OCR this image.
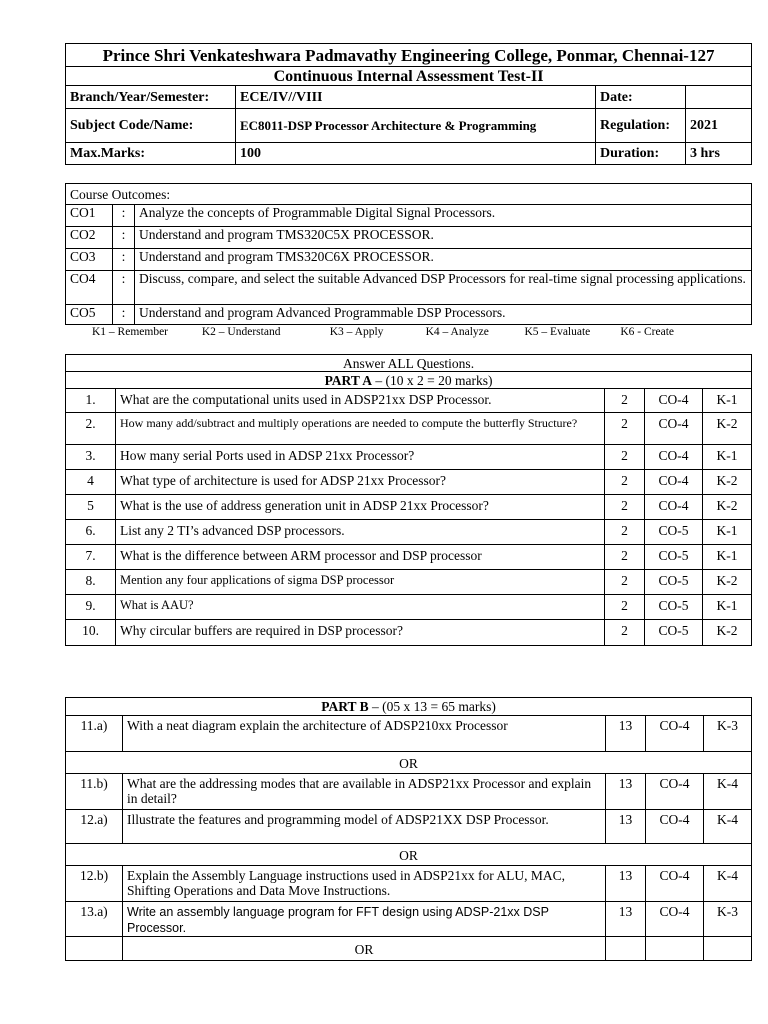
Prince Shri Venkateshwara Padmavathy Engineering College, Ponmar, Chennai-127			
Continuous Internal Assessment Test-II			
Branch/Year/Semester:	ECE/IV//VIII	Date:	
Subject Code/Name:	EC8011-DSP Processor Architecture & Programming	Regulation:	2021
Max.Marks:	100	Duration:	3 hrs
Course Outcomes:		
CO1	:	Analyze the concepts of Programmable Digital Signal Processors.
CO2	:	Understand and program TMS320C5X PROCESSOR.
CO3	:	Understand and program TMS320C6X PROCESSOR.
CO4	:	Discuss, compare, and select the suitable Advanced DSP Processors for real-time signal processing applications.
CO5	:	Understand and program Advanced Programmable DSP Processors.
K1 – Remember	K2 – Understand	K3 – Apply	K4 – Analyze	K5 – Evaluate	K6 - Create
Answer ALL Questions.				
PART A – (10 x 2 = 20 marks)				
1.	What are the computational units used in ADSP21xx DSP Processor.	2	CO-4	K-1
2.	How many add/subtract and multiply operations are needed to compute the butterfly Structure?	2	CO-4	K-2
3.	How many serial Ports used in ADSP 21xx Processor?	2	CO-4	K-1
4	What type of architecture is used for ADSP 21xx Processor?	2	CO-4	K-2
5	What is the use of address generation unit in ADSP 21xx Processor?	2	CO-4	K-2
6.	List any 2 TI’s advanced DSP processors.	2	CO-5	K-1
7.	What is the difference between ARM processor and DSP processor	2	CO-5	K-1
8.	Mention any four applications of sigma DSP processor	2	CO-5	K-2
9.	What is AAU?	2	CO-5	K-1
10.	Why circular buffers are required in DSP processor?	2	CO-5	K-2
PART B – (05 x 13 = 65 marks)				
11.a)	With a neat diagram explain the architecture of ADSP210xx Processor	13	CO-4	K-3
OR				
11.b)	What are the addressing modes that are available in ADSP21xx Processor and explain in detail?	13	CO-4	K-4
12.a)	Illustrate the features and programming model of ADSP21XX DSP Processor.	13	CO-4	K-4
OR				
12.b)	Explain the Assembly Language instructions used in ADSP21xx for ALU, MAC, Shifting Operations and Data Move Instructions.	13	CO-4	K-4
13.a)	Write an assembly language program for FFT design using ADSP-21xx DSP Processor.	13	CO-4	K-3
	OR			
